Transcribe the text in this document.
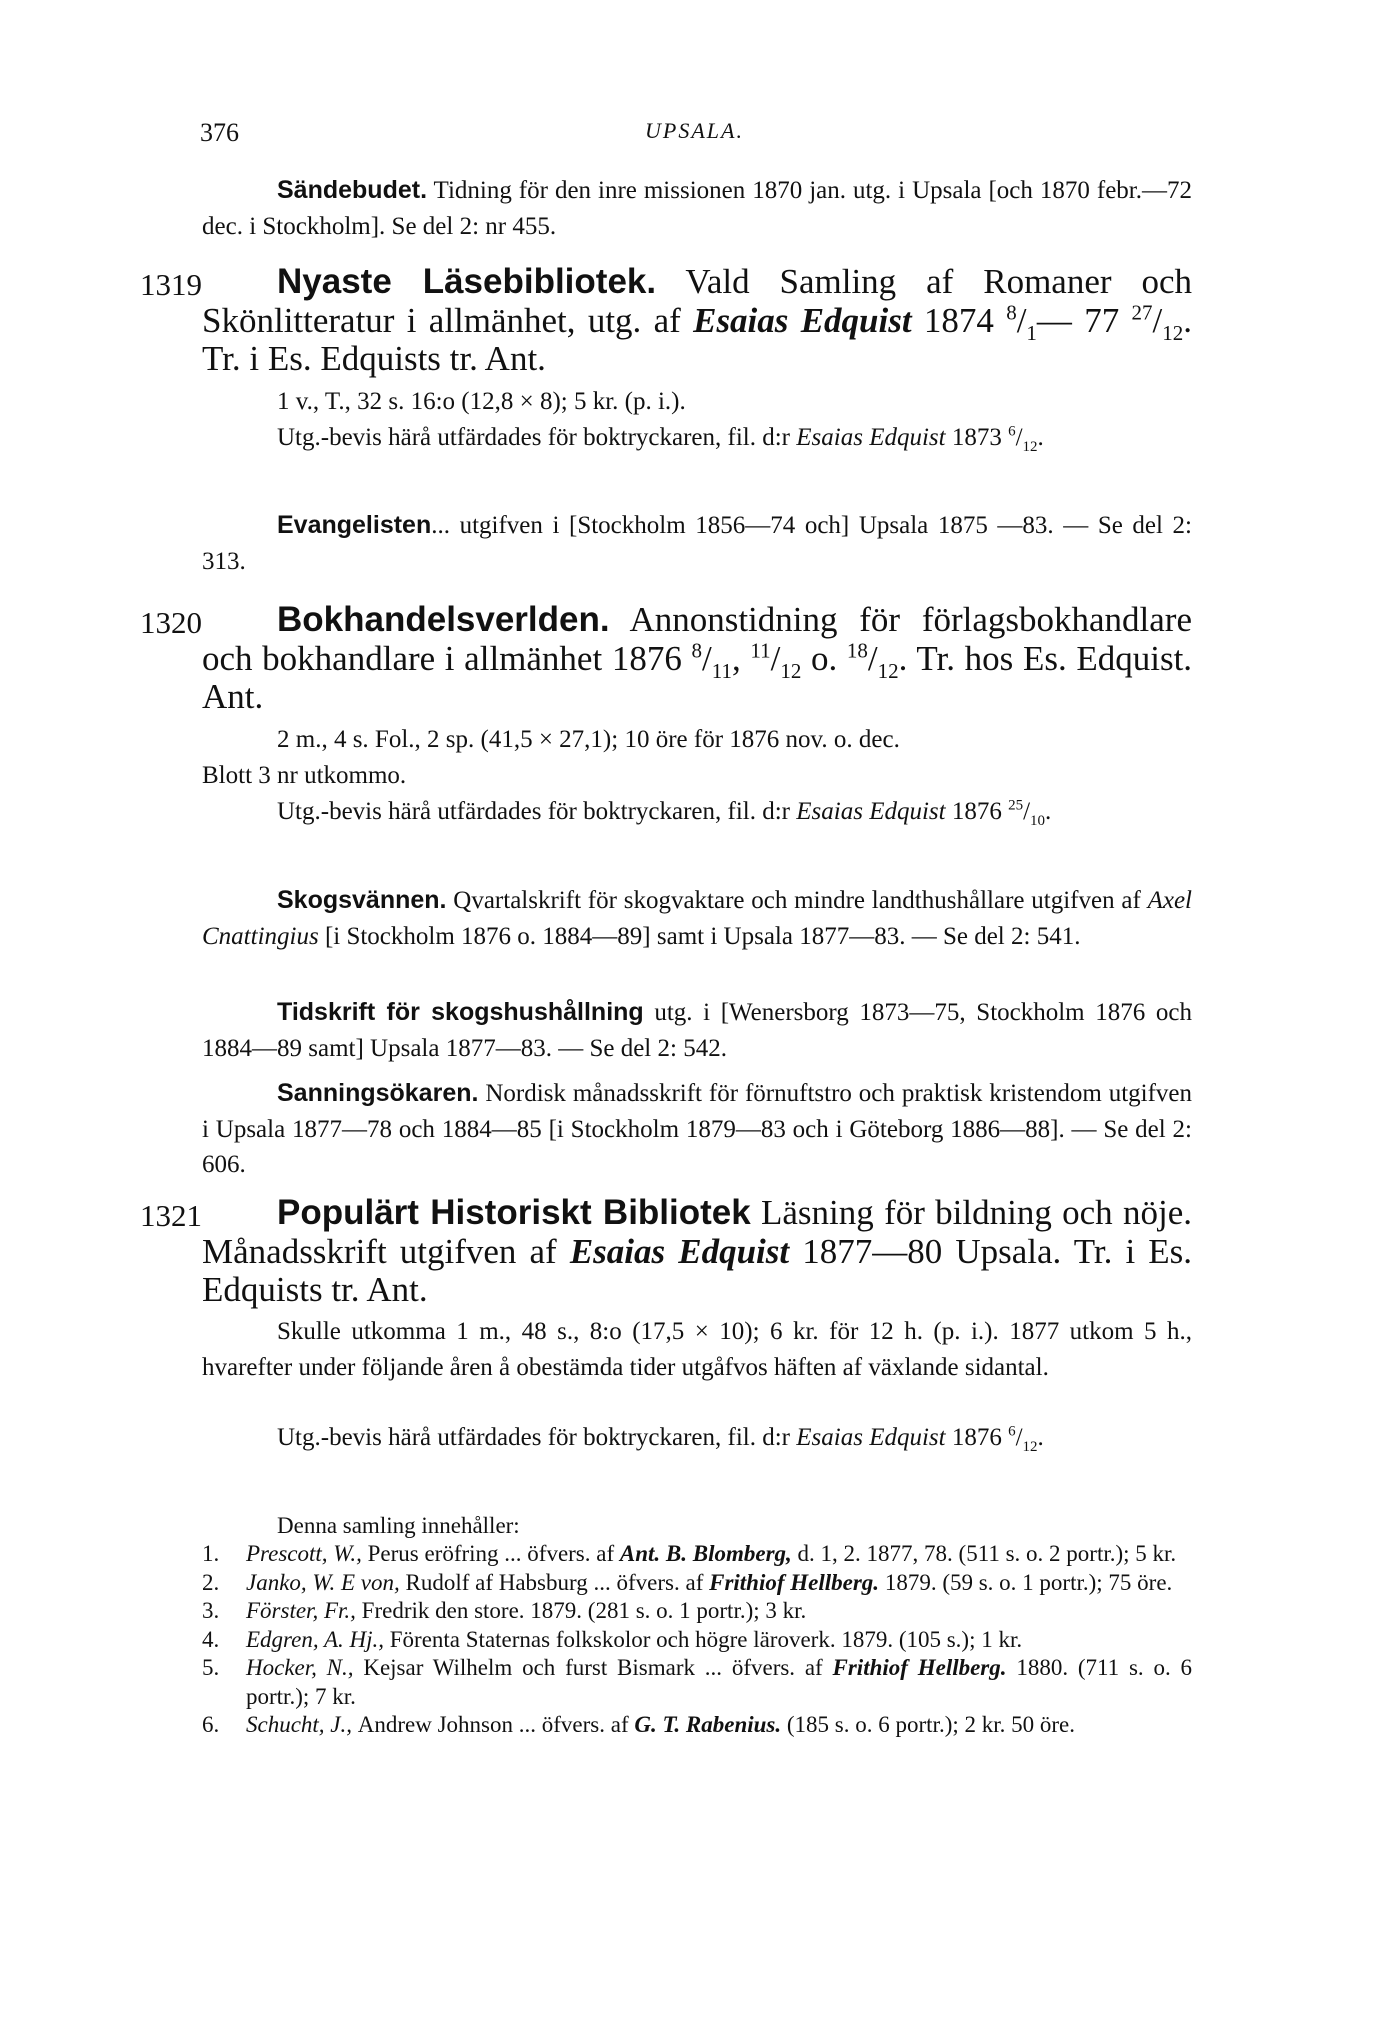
376	UPSALA.
Sändebudet. Tidning för den inre missionen 1870 jan. utg. i Upsala [och 1870 febr.—72 dec. i Stockholm]. Se del 2: nr 455.
1319	Nyaste Läsebibliotek. Vald Samling af Romaner och Skönlitteratur i allmänhet, utg. af Esaias Edquist 1874 $^8/_1—$ 77 $^{27}/_{12}$. Tr. i Es. Edquists tr. Ant.
1 v., T., 32 s. 16:o (12,8 × 8); 5 kr. (p. i.).
Utg.-bevis härå utfärdades för boktryckaren, fil. d:r Esaias Edquist 1873 $^6/_{12}$.
Evangelisten... utgifven i [Stockholm 1856—74 och] Upsala 1875 —83. — Se del 2: 313.
1320	Bokhandelsverlden. Annonstidning för förlagsbokhandlare och bokhandlare i allmänhet 1876 $^8/_{11}$, $^{11}/_{12}$ o. $^{18}/_{12}$. Tr. hos Es. Edquist. Ant.
2 m., 4 s. Fol., 2 sp. (41,5 × 27,1); 10 öre för 1876 nov. o. dec.
Blott 3 nr utkommo.
Utg.-bevis härå utfärdades för boktryckaren, fil. d:r Esaias Edquist 1876 $^{25}/_{10}$.
Skogsvännen. Qvartalskrift för skogvaktare och mindre landthushållare utgifven af Axel Cnattingius [i Stockholm 1876 o. 1884—89] samt i Upsala 1877—83. — Se del 2: 541.
Tidskrift för skogshushållning utg. i [Wenersborg 1873—75, Stockholm 1876 och 1884—89 samt] Upsala 1877—83. — Se del 2: 542.
Sanningsökaren. Nordisk månadsskrift för förnuftstro och praktisk kristendom utgifven i Upsala 1877—78 och 1884—85 [i Stockholm 1879—83 och i Göteborg 1886—88]. — Se del 2: 606.
1321	Populärt Historiskt Bibliotek Läsning för bildning och nöje. Månadsskrift utgifven af Esaias Edquist 1877—80 Upsala. Tr. i Es. Edquists tr. Ant.
Skulle utkomma 1 m., 48 s., 8:o (17,5 × 10); 6 kr. för 12 h. (p. i.). 1877 utkom 5 h., hvarefter under följande åren å obestämda tider utgåfvos häften af växlande sidantal.
Utg.-bevis härå utfärdades för boktryckaren, fil. d:r Esaias Edquist 1876 $^6/_{12}$.
Denna samling innehåller:
1. Prescott, W., Perus eröfring ... öfvers. af Ant. B. Blomberg, d. 1, 2. 1877, 78. (511 s. o. 2 portr.); 5 kr.
2. Janko, W. E von, Rudolf af Habsburg ... öfvers. af Frithiof Hellberg. 1879. (59 s. o. 1 portr.); 75 öre.
3. Förster, Fr., Fredrik den store. 1879. (281 s. o. 1 portr.); 3 kr.
4. Edgren, A. Hj., Förenta Staternas folkskolor och högre läroverk. 1879. (105 s.); 1 kr.
5. Hocker, N., Kejsar Wilhelm och furst Bismark ... öfvers. af Frithiof Hellberg. 1880. (711 s. o. 6 portr.); 7 kr.
6. Schucht, J., Andrew Johnson ... öfvers. af G. T. Rabenius. (185 s. o. 6 portr.); 2 kr. 50 öre.
